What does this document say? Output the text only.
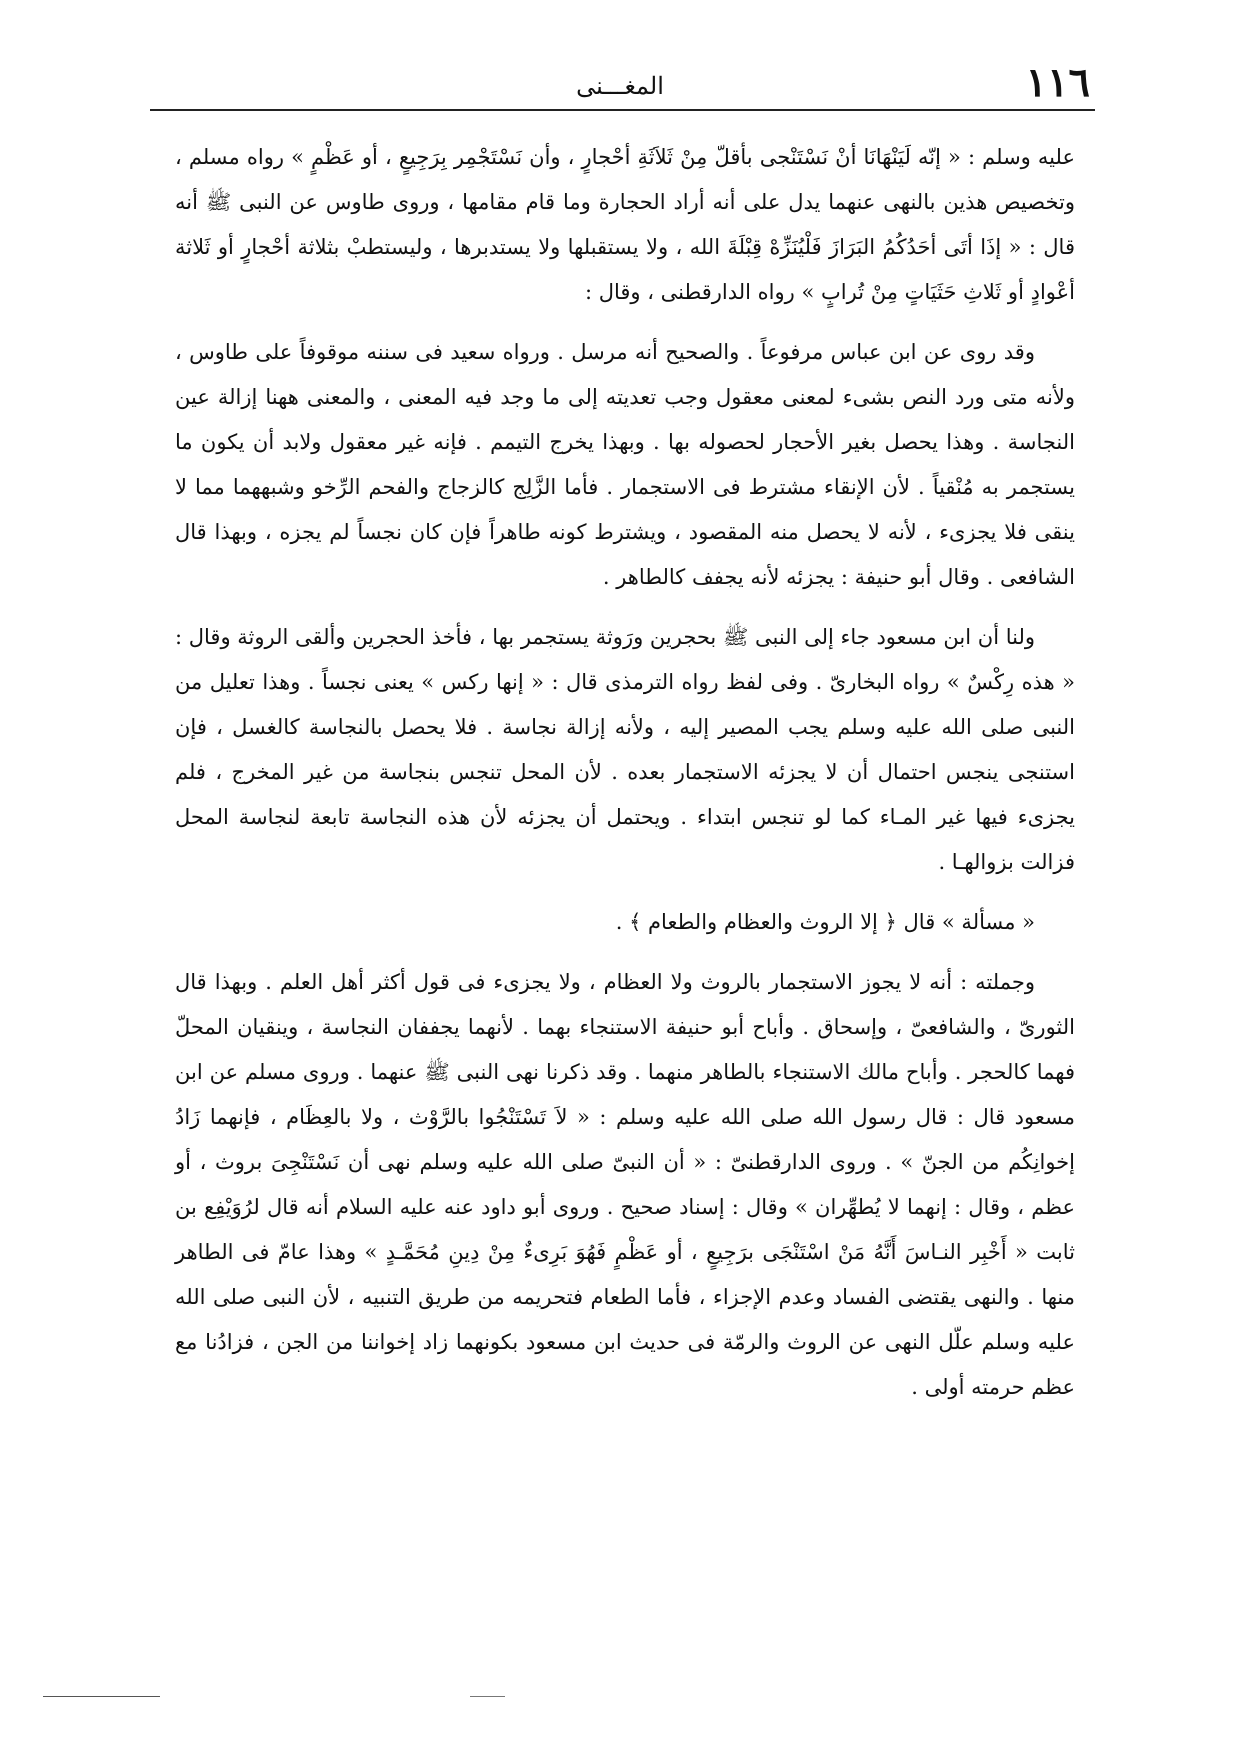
١١٦
المغـــنى

عليه وسلم : « إنّه لَيَنْهَانَا أنْ نَسْتَنْجى بأقلّ مِنْ ثَلاَثَةِ أحْجارٍ ، وأن نَسْتَجْمِر بِرَجِيعٍ ، أو عَظْمٍ » رواه مسلم ، وتخصيص هذين بالنهى عنهما يدل على أنه أراد الحجارة وما قام مقامها ، وروى طاوس عن النبى ﷺ أنه قال : « إذَا أتَى أحَدُكُمُ البَرَازَ فَلْيُنَزِّهْ قِبْلَةَ الله ، ولا يستقبلها ولا يستدبرها ، وليستطبْ بثلاثة أحْجارٍ أو ثَلاثة أعْوادٍ أو ثَلاثِ حَثَيَاتٍ مِنْ تُرابٍ » رواه الدارقطنى ، وقال :

وقد روى عن ابن عباس مرفوعاً . والصحيح أنه مرسل . ورواه سعيد فى سننه موقوفاً على طاوس ، ولأنه متى ورد النص بشىء لمعنى معقول وجب تعديته إلى ما وجد فيه المعنى ، والمعنى ههنا إزالة عين النجاسة . وهذا يحصل بغير الأحجار لحصوله بها . وبهذا يخرج التيمم . فإنه غير معقول ولابد أن يكون ما يستجمر به مُنْقياً . لأن الإنقاء مشترط فى الاستجمار . فأما الزَّلِج كالزجاج والفحم الرِّخو وشبههما مما لا ينقى فلا يجزىء ، لأنه لا يحصل منه المقصود ، ويشترط كونه طاهراً فإن كان نجساً لم يجزه ، وبهذا قال الشافعى . وقال أبو حنيفة : يجزئه لأنه يجفف كالطاهر .

ولنا أن ابن مسعود جاء إلى النبى ﷺ بحجرين ورَوثة يستجمر بها ، فأخذ الحجرين وألقى الروثة وقال : « هذه رِكْسٌ » رواه البخارىّ . وفى لفظ رواه الترمذى قال : « إنها ركس » يعنى نجساً . وهذا تعليل من النبى صلى الله عليه وسلم يجب المصير إليه ، ولأنه إزالة نجاسة . فلا يحصل بالنجاسة كالغسل ، فإن استنجى ينجس احتمال أن لا يجزئه الاستجمار بعده . لأن المحل تنجس بنجاسة من غير المخرج ، فلم يجزىء فيها غير المـاء كما لو تنجس ابتداء . ويحتمل أن يجزئه لأن هذه النجاسة تابعة لنجاسة المحل فزالت بزوالهـا .

« مسألة » قال ﴿ إلا الروث والعظام والطعام ﴾ .

وجملته : أنه لا يجوز الاستجمار بالروث ولا العظام ، ولا يجزىء فى قول أكثر أهل العلم . وبهذا قال الثورىّ ، والشافعىّ ، وإسحاق . وأباح أبو حنيفة الاستنجاء بهما . لأنهما يجففان النجاسة ، وينقيان المحلّ فهما كالحجر . وأباح مالك الاستنجاء بالطاهر منهما . وقد ذكرنا نهى النبى ﷺ عنهما . وروى مسلم عن ابن مسعود قال : قال رسول الله صلى الله عليه وسلم : « لاَ تَسْتَنْجُوا بالرَّوْث ، ولا بالعِظَام ، فإنهما زَادُ إخوانِكُم من الجنّ » . وروى الدارقطنىّ : « أن النبىّ صلى الله عليه وسلم نهى أن نَسْتَنْجِىَ بروث ، أو عظم ، وقال : إنهما لا يُطهِّران » وقال : إسناد صحيح . وروى أبو داود عنه عليه السلام أنه قال لرُوَيْفِع بن ثابت « أَخْبِر النـاسَ أَنَّهُ مَنْ اسْتَنْجَى برَجِيعٍ ، أو عَظْمٍ فَهُوَ بَرِىءٌ مِنْ دِينِ مُحَمَّـدٍ » وهذا عامّ فى الطاهر منها . والنهى يقتضى الفساد وعدم الإجزاء ، فأما الطعام فتحريمه من طريق التنبيه ، لأن النبى صلى الله عليه وسلم علّل النهى عن الروث والرمّة فى حديث ابن مسعود بكونهما زاد إخواننا من الجن ، فزادُنا مع عظم حرمته أولى .
